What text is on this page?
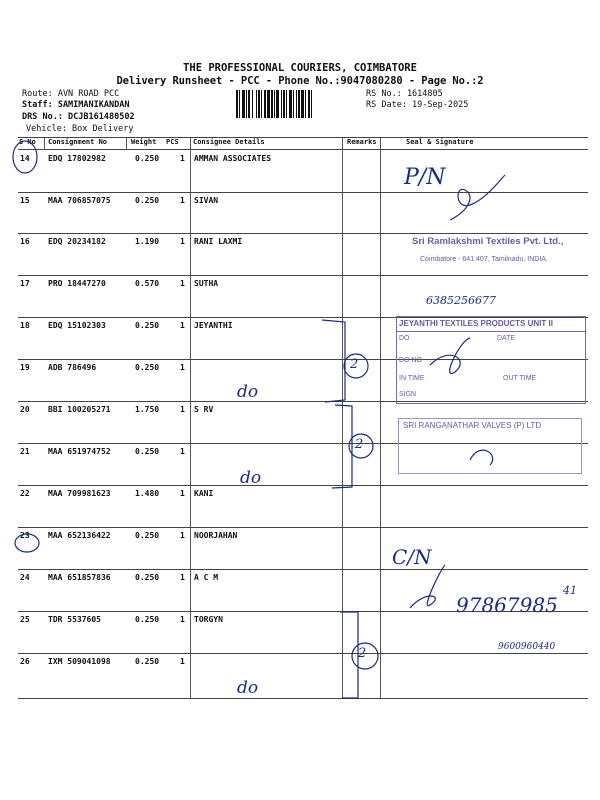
THE PROFESSIONAL COURIERS, COIMBATORE
Delivery Runsheet - PCC - Phone No.:9047080280 - Page No.:2
Route: AVN ROAD PCC
Staff: SAMIMANIKANDAN
DRS No.: DCJB161480502
Vehicle: Box Delivery
RS No.: 1614805
RS Date: 19-Sep-2025
S No Consignment No	Weight PCS Consignee Details	Remarks	Seal & Signature
14 EDQ 17802982	0.250	1 AMMAN ASSOCIATES
15 MAA 706857075	0.250	1 SIVAN
16 EDQ 20234182	1.190	1 RANI LAXMI
17 PRO 18447270	0.570	1 SUTHA
18 EDQ 15102303	0.250	1 JEYANTHI
19 ADB 786496	0.250	1
20 BBI 100205271	1.750	1 S RV
21 MAA 651974752	0.250	1
22 MAA 709981623	1.480	1 KANI
23 MAA 652136422	0.250	1 NOORJAHAN
24 MAA 651857836	0.250	1 A C M
25 TDR 5537605	0.250	1 TORGYN
26 IXM 509041098	0.250	1
P/N
do
do
do
2
2
2
6385256677
C/N
97867985
41
9600960440
Sri Ramlakshmi Textiles Pvt. Ltd.,
Coimbatore - 641 407, Tamilnadu, INDIA.
JEYANTHI TEXTILES PRODUCTS UNIT II
DO	DATE
DO NO
IN TIME	OUT TIME
SIGN
SRI RANGANATHAR VALVES (P) LTD
